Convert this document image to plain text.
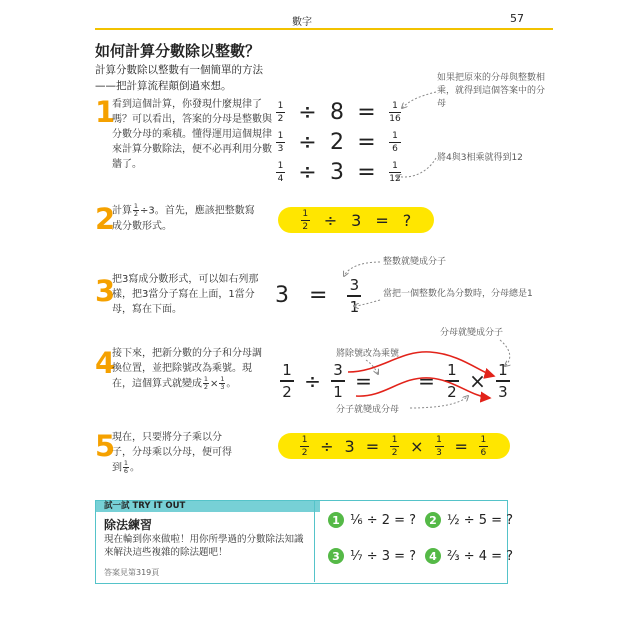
數字	57
如何計算分數除以整數？
計算分數除以整數有一個簡單的方法——把計算流程顛倒過來想。
1
看到這個計算，你發現什麼規律了嗎？可以看出，答案的分母是整數與分數分母的乘積。懂得運用這個規律來計算分數除法，便不必再利用分數牆了。
$\frac{1}{2} \div 8 = \frac{1}{16}$
$\frac{1}{3} \div 2 = \frac{1}{6}$
$\frac{1}{4} \div 3 = \frac{1}{12}$
如果把原來的分母與整數相乘，就得到這個答案中的分母
將4與3相乘就得到12
2
計算 $\frac{1}{2} \div 3$。首先，應該把整數寫成分數形式。	$\frac{1}{2} \div 3$ = ?
3
把3寫成分數形式，可以如右列那樣，把3當分子寫在上面，1當分母，寫在下面。
3 = 3
1
整數就變成分子
當把一個整數化為分數時，分母總是1
4
接下來，把新分數的分子和分母調換位置，並把除號改為乘號。現在，這個算式就變成 $\frac{1}{2} \times \frac{1}{3}$ 。
1
2 ÷ 3
1 = = 1
2 × 1
3
分母就變成分子
將除號改為乘號
分子就變成分母
5
現在，只要將分子乘以分子，分母乘以分母，便可得到 $\frac{1}{6}$ 。
$\frac{1}{2} \div 3 = \frac{1}{2} \times \frac{1}{3} = \frac{1}{6}$
試一試 TRY IT OUT
除法練習
現在輪到你來做啦！用你所學過的分數除法知識來解決這些複雜的除法題吧！
答案見第319頁
1 ⅙ ÷ 2 = ?	2 ½ ÷ 5 = ?
3 ⅐ ÷ 3 = ?	4 ⅔ ÷ 4 = ?
